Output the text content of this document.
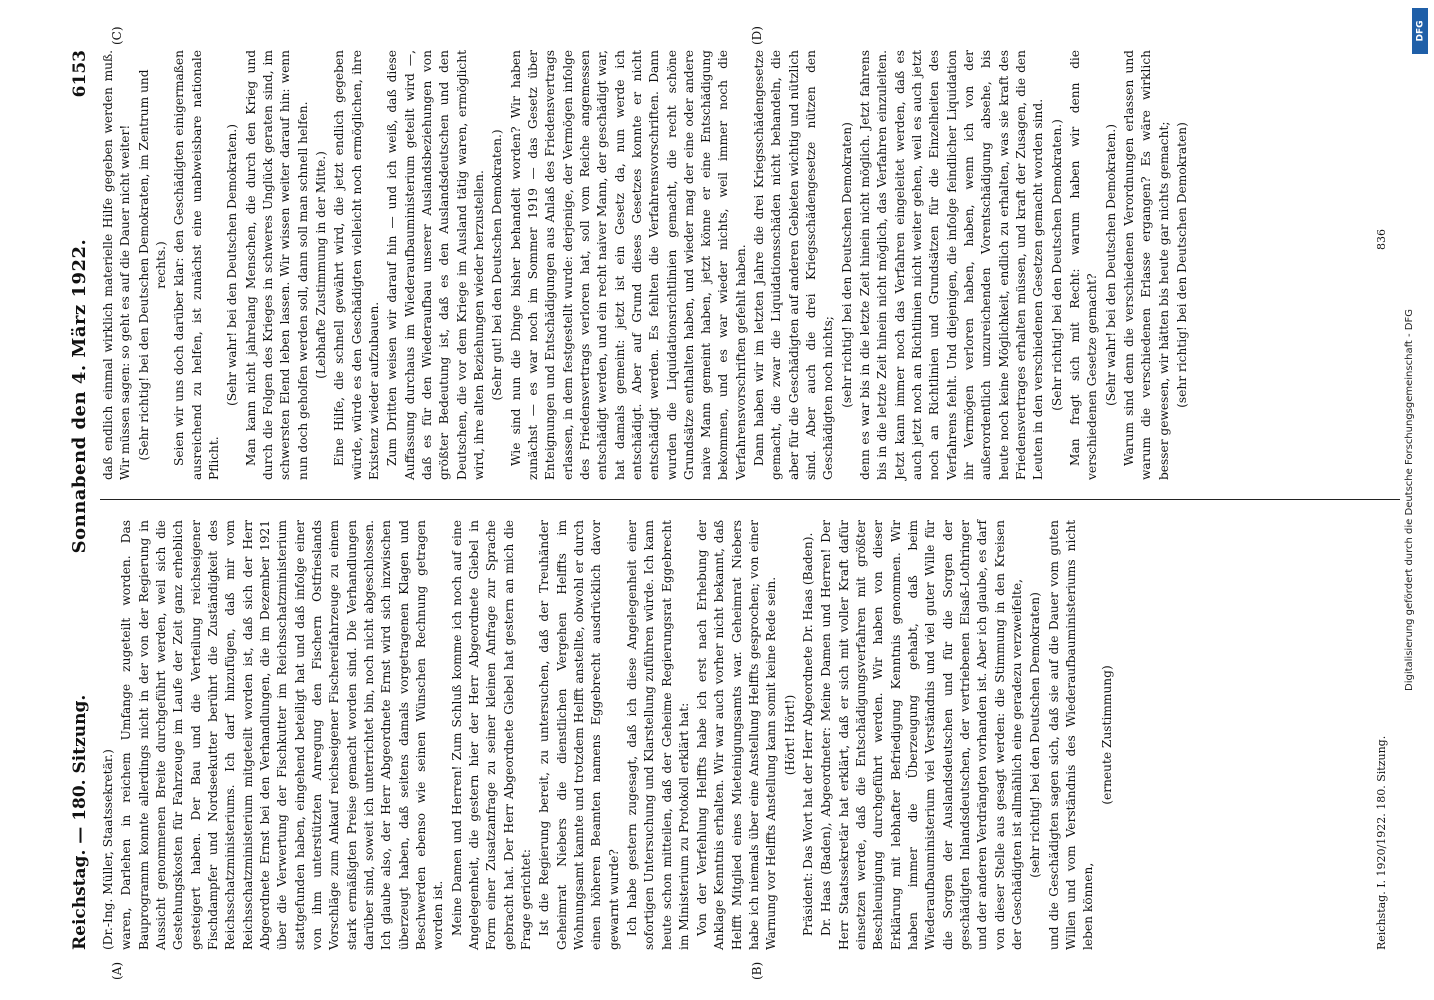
Reichstag. — 180. Sitzung.
Sonnabend den 4. März 1922.
6153
(A)	(B)
(C)	(D)

(Dr.-Ing. Müller, Staatssekretär.) waren, Darlehen in reichem Umfange zugeteilt worden. Das Bauprogramm konnte allerdings nicht in der von der Regierung in Aussicht genommenen Breite durchgeführt werden, weil sich die Gestehungskosten für Fahrzeuge im Laufe der Zeit ganz erheblich gesteigert haben. Der Bau und die Verteilung reichseigener Fischdampfer und Nordseekutter berührt die Zuständigkeit des Reichsschatzministeriums. Ich darf hinzufügen, daß mir vom Reichsschatzministerium mitgeteilt worden ist, daß sich der Herr Abgeordnete Ernst bei den Verhandlungen, die im Dezember 1921 über die Verwertung der Fischkutter im Reichsschatzministerium stattgefunden haben, eingehend beteiligt hat und daß infolge einer von ihm unterstützten Anregung den Fischern Ostfrieslands Vorschläge zum Ankauf reichseigener Fischereifahrzeuge zu einem stark ermäßigten Preise gemacht worden sind. Die Verhandlungen darüber sind, soweit ich unterrichtet bin, noch nicht abgeschlossen. Ich glaube also, der Herr Abgeordnete Ernst wird sich inzwischen überzeugt haben, daß seitens damals vorgetragenen Klagen und Beschwerden ebenso wie seinen Wünschen Rechnung getragen worden ist. Meine Damen und Herren! Zum Schluß komme ich noch auf eine Angelegenheit, die gestern hier der Herr Abgeordnete Giebel in Form einer Zusatzanfrage zu seiner kleinen Anfrage zur Sprache gebracht hat. Der Herr Abgeordnete Giebel hat gestern an mich die Frage gerichtet: Ist die Regierung bereit, zu untersuchen, daß der Treuhänder Geheimrat Niebers die dienstlichen Vergehen Helffts im Wohnungsamt kannte und trotzdem Helfft anstellte, obwohl er durch einen höheren Beamten namens Eggebrecht ausdrücklich davor gewarnt wurde? Ich habe gestern zugesagt, daß ich diese Angelegenheit einer sofortigen Untersuchung und Klarstellung zuführen würde. Ich kann heute schon mitteilen, daß der Geheime Regierungsrat Eggebrecht im Ministerium zu Protokoll erklärt hat: Von der Verfehlung Helffts habe ich erst nach Erhebung der Anklage Kenntnis erhalten. Wir war auch vorher nicht bekannt, daß Helfft Mitglied eines Mieteinigungsamts war. Geheimrat Niebers habe ich niemals über eine Anstellung Helffts gesprochen; von einer Warnung vor Helffts Anstellung kann somit keine Rede sein. (Hört! Hört!) Präsident: Das Wort hat der Herr Abgeordnete Dr. Haas (Baden). Dr. Haas (Baden), Abgeordneter: Meine Damen und Herren! Der Herr Staatssekretär hat erklärt, daß er sich mit voller Kraft dafür einsetzen werde, daß die Entschädigungsverfahren mit größter Beschleunigung durchgeführt werden. Wir haben von dieser Erklärung mit lebhafter Befriedigung Kenntnis genommen. Wir haben immer die Überzeugung gehabt, daß beim Wiederaufbauministerium viel Verständnis und viel guter Wille für die Sorgen der Auslandsdeutschen und für die Sorgen der geschädigten Inlandsdeutschen, der vertriebenen Elsaß-Lothringer und der anderen Verdrängten vorhanden ist. Aber ich glaube, es darf von dieser Stelle aus gesagt werden: die Stimmung in den Kreisen der Geschädigten ist allmählich eine geradezu verzweifelte, (sehr richtig! bei den Deutschen Demokraten) und die Geschädigten sagen sich, daß sie auf die Dauer vom guten Willen und vom Verständnis des Wiederaufbauministeriums nicht leben können,

(erneute Zustimmung)

daß endlich einmal wirklich materielle Hilfe gegeben werden muß. Wir müssen sagen: so geht es auf die Dauer nicht weiter! (Sehr richtig! bei den Deutschen Demokraten, im Zentrum und rechts.) Seien wir uns doch darüber klar: den Geschädigten einigermaßen ausreichend zu helfen, ist zunächst eine unabweisbare nationale Pflicht.

(Sehr wahr! bei den Deutschen Demokraten.) Man kann nicht jahrelang Menschen, die durch den Krieg und durch die Folgen des Krieges in schweres Unglück geraten sind, im schwersten Elend leben lassen. Wir wissen weiter darauf hin: wenn nun doch geholfen werden soll, dann soll man schnell helfen. (Lebhafte Zustimmung in der Mitte.) Eine Hilfe, die schnell gewährt wird, die jetzt endlich gegeben würde, würde es den Geschädigten vielleicht noch ermöglichen, ihre Existenz wieder aufzubauen. Zum Dritten weisen wir darauf hin — und ich weiß, daß diese Auffassung durchaus im Wiederaufbauministerium geteilt wird —, daß es für den Wiederaufbau unserer Auslandsbeziehungen von größter Bedeutung ist, daß es den Auslandsdeutschen und den Deutschen, die vor dem Kriege im Ausland tätig waren, ermöglicht wird, ihre alten Beziehungen wieder herzustellen. (Sehr gut! bei den Deutschen Demokraten.) Wie sind nun die Dinge bisher behandelt worden? Wir haben zunächst — es war noch im Sommer 1919 — das Gesetz über Enteignungen und Entschädigungen aus Anlaß des Friedensvertrags erlassen, in dem festgestellt wurde: derjenige, der Vermögen infolge des Friedensvertrags verloren hat, soll vom Reiche angemessen entschädigt werden, und ein recht naiver Mann, der geschädigt war, hat damals gemeint: jetzt ist ein Gesetz da, nun werde ich entschädigt. Aber auf Grund dieses Gesetzes konnte er nicht entschädigt werden. Es fehlten die Verfahrensvorschriften. Dann wurden die Liquidationsrichtlinien gemacht, die recht schöne Grundsätze enthalten haben, und wieder mag der eine oder andere naive Mann gemeint haben, jetzt könne er eine Entschädigung bekommen, und es war wieder nichts, weil immer noch die Verfahrensvorschriften gefehlt haben. Dann haben wir im letzten Jahre die drei Kriegsschädengesetze gemacht, die zwar die Liquidationsschäden nicht behandeln, die aber für die Geschädigten auf anderen Gebieten wichtig und nützlich sind. Aber auch die drei Kriegsschädengesetze nützen den Geschädigten noch nichts; (sehr richtig! bei den Deutschen Demokraten) denn es war bis in die letzte Zeit hinein nicht möglich. Jetzt fahrens bis in die letzte Zeit hinein nicht möglich, das Verfahren einzuleiten. Jetzt kann immer noch das Verfahren eingeleitet werden, daß es auch jetzt noch an Richtlinien nicht weiter gehen, weil es auch jetzt noch an Richtlinien und Grundsätzen für die Einzelheiten des Verfahrens fehlt. Und diejenigen, die infolge feindlicher Liquidation ihr Vermögen verloren haben, haben, wenn ich von der außerordentlich unzureichenden Vorentschädigung absehe, bis heute noch keine Möglichkeit, endlich zu erhalten, was sie kraft des Friedensvertrages erhalten müssen, und kraft der Zusagen, die den Leuten in den verschiedenen Gesetzen gemacht worden sind. (Sehr richtig! bei den Deutschen Demokraten.) Man fragt sich mit Recht: warum haben wir denn die verschiedenen Gesetze gemacht? (Sehr wahr! bei den Deutschen Demokraten.) Warum sind denn die verschiedenen Verordnungen erlassen und warum die verschiedenen Erlasse ergangen? Es wäre wirklich besser gewesen, wir hätten bis heute gar nichts gemacht; (sehr richtig! bei den Deutschen Demokraten)

Reichstag. I. 1920/1922. 180. Sitzung.
836
DFG
Digitalisierung gefördert durch die Deutsche Forschungsgemeinschaft - DFG
